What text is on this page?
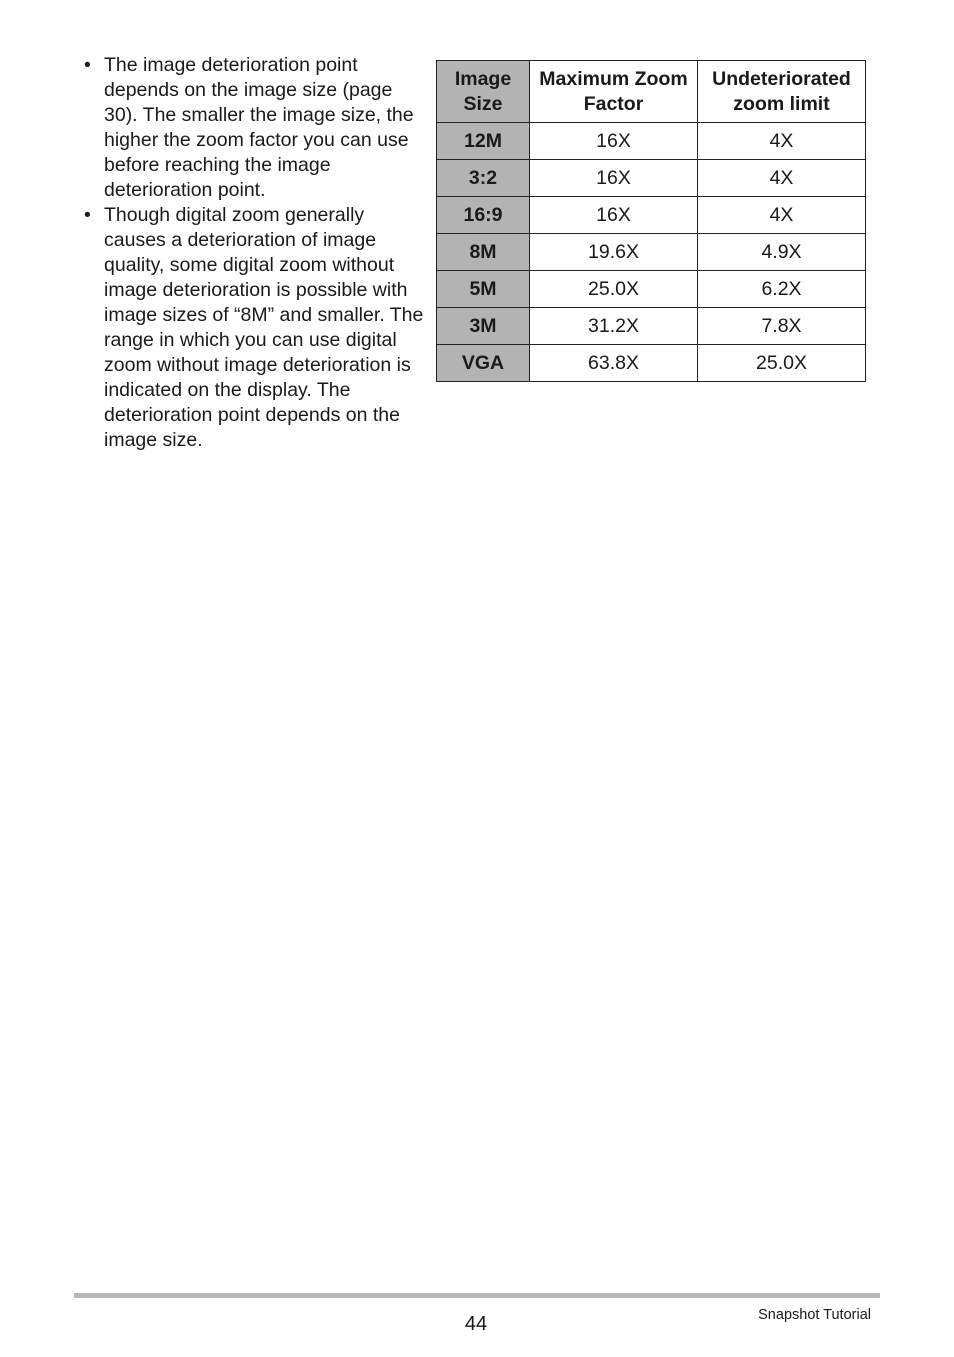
• The image deterioration point depends on the image size (page 30). The smaller the image size, the higher the zoom factor you can use before reaching the image deterioration point.
• Though digital zoom generally causes a deterioration of image quality, some digital zoom without image deterioration is possible with image sizes of “8M” and smaller. The range in which you can use digital zoom without image deterioration is indicated on the display. The deterioration point depends on the image size.
Image Size	Maximum Zoom Factor	Undeteriorated zoom limit
12M	16X	4X
3:2	16X	4X
16:9	16X	4X
8M	19.6X	4.9X
5M	25.0X	6.2X
3M	31.2X	7.8X
VGA	63.8X	25.0X
44	Snapshot Tutorial
